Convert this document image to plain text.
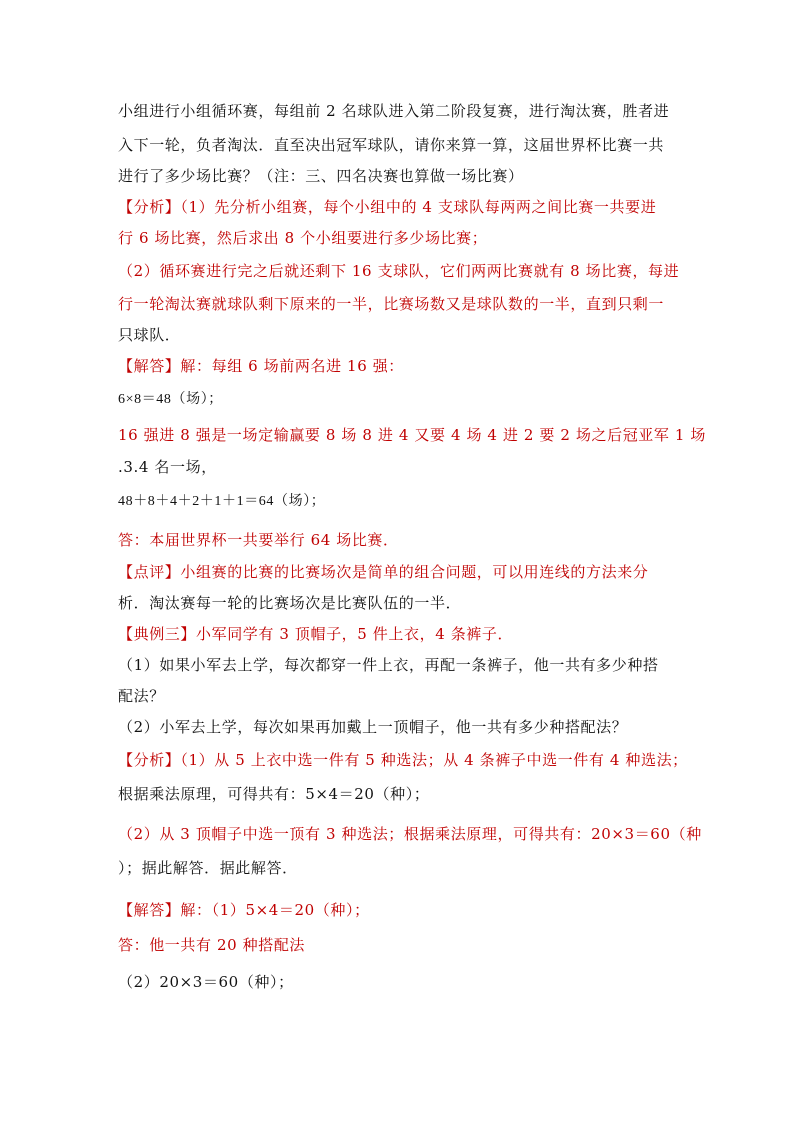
小组进行小组循环赛，每组前 2 名球队进入第二阶段复赛，进行淘汰赛，胜者进
入下一轮，负者淘汰．直至决出冠军球队，请你来算一算，这届世界杯比赛一共
进行了多少场比赛？（注：三、四名决赛也算做一场比赛）
【分析】（1）先分析小组赛，每个小组中的 4 支球队每两两之间比赛一共要进
行 6 场比赛，然后求出 8 个小组要进行多少场比赛；
（2）循环赛进行完之后就还剩下 16 支球队，它们两两比赛就有 8 场比赛，每进
行一轮淘汰赛就球队剩下原来的一半，比赛场数又是球队数的一半，直到只剩一
只球队．
【解答】解：每组 6 场前两名进 16 强：
6×8＝48（场）；
16 强进 8 强是一场定输赢要 8 场 8 进 4 又要 4 场 4 进 2 要 2 场之后冠亚军 1 场
.3.4 名一场，
48＋8＋4＋2＋1＋1＝64（场）；
答：本届世界杯一共要举行 64 场比赛．
【点评】小组赛的比赛的比赛场次是简单的组合问题，可以用连线的方法来分
析．淘汰赛每一轮的比赛场次是比赛队伍的一半．
【典例三】小军同学有 3 顶帽子，5 件上衣，4 条裤子．
（1）如果小军去上学，每次都穿一件上衣，再配一条裤子，他一共有多少种搭
配法？
（2）小军去上学，每次如果再加戴上一顶帽子，他一共有多少种搭配法？
【分析】（1）从 5 上衣中选一件有 5 种选法；从 4 条裤子中选一件有 4 种选法；
根据乘法原理，可得共有：5×4＝20（种）；
（2）从 3 顶帽子中选一顶有 3 种选法；根据乘法原理，可得共有：20×3＝60（种
）；据此解答．据此解答．
【解答】解：（1）5×4＝20（种）；
答：他一共有 20 种搭配法
（2）20×3＝60（种）；
